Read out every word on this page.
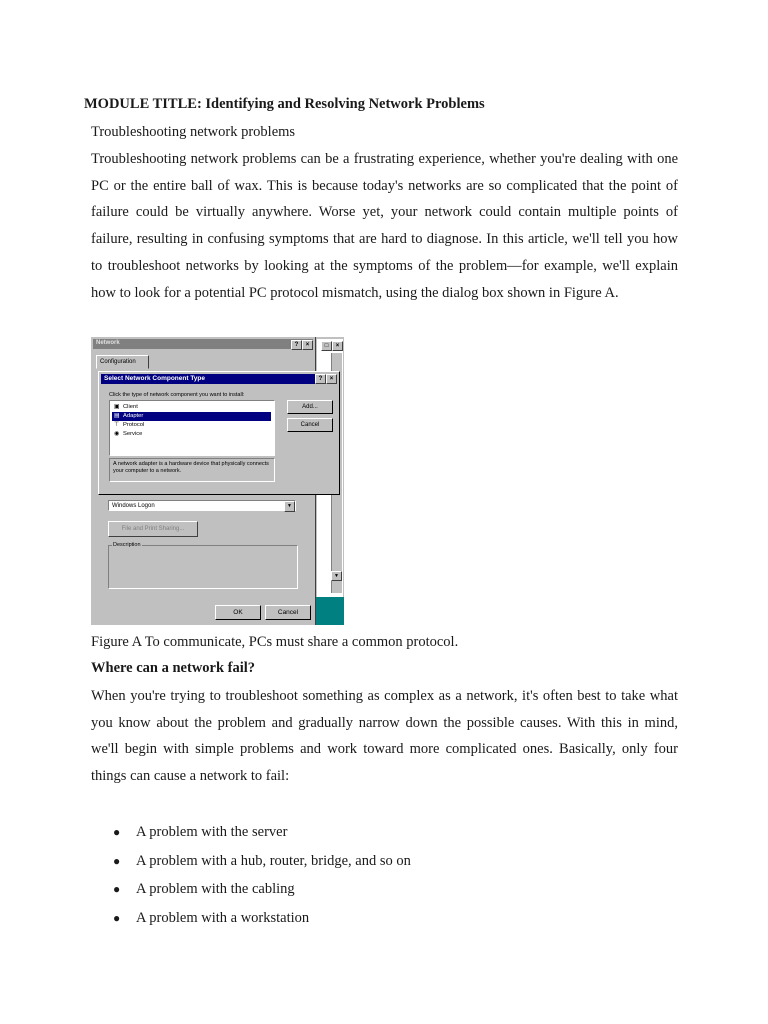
MODULE TITLE: Identifying and Resolving Network Problems
Troubleshooting network problems

Troubleshooting network problems can be a frustrating experience, whether you're dealing with one PC or the entire ball of wax. This is because today's networks are so complicated that the point of failure could be virtually anywhere. Worse yet, your network could contain multiple points of failure, resulting in confusing symptoms that are hard to diagnose. In this article, we'll tell you how to troubleshoot networks by looking at the symptoms of the problem—for example, we'll explain how to look for a potential PC protocol mismatch, using the dialog box shown in Figure A.

Network	?	×
Configuration
Windows Logon	▼
File and Print Sharing...
Description
OK	Cancel
□	×
▼
Select Network Component Type	?	×
Click the type of network component you want to install:
▣ Client
▤ Adapter
⊤ Protocol
◉ Service
Add...
Cancel
A network adapter is a hardware device that physically connects your computer to a network.
Figure A To communicate, PCs must share a common protocol.
Where can a network fail?

When you're trying to troubleshoot something as complex as a network, it's often best to take what you know about the problem and gradually narrow down the possible causes. With this in mind, we'll begin with simple problems and work toward more complicated ones. Basically, only four things can cause a network to fail:

● A problem with the server
● A problem with a hub, router, bridge, and so on
● A problem with the cabling
● A problem with a workstation
